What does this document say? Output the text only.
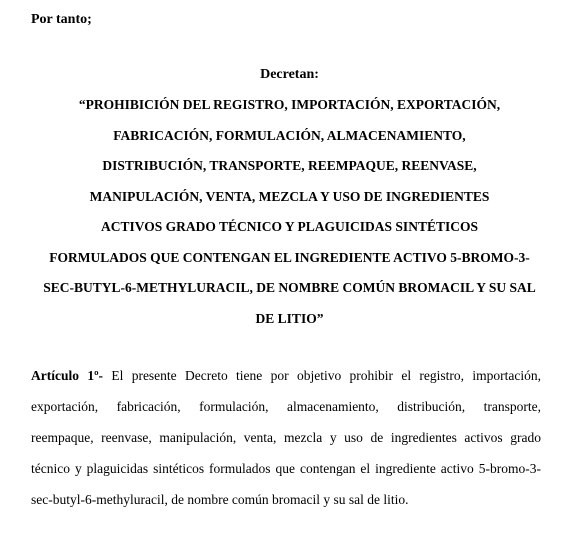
Por tanto;

Decretan:

“PROHIBICIÓN DEL REGISTRO, IMPORTACIÓN, EXPORTACIÓN,
FABRICACIÓN, FORMULACIÓN, ALMACENAMIENTO,
DISTRIBUCIÓN, TRANSPORTE, REEMPAQUE, REENVASE,
MANIPULACIÓN, VENTA, MEZCLA Y USO DE INGREDIENTES
ACTIVOS GRADO TÉCNICO Y PLAGUICIDAS SINTÉTICOS
FORMULADOS QUE CONTENGAN EL INGREDIENTE ACTIVO 5-BROMO-3-
SEC-BUTYL-6-METHYLURACIL, DE NOMBRE COMÚN BROMACIL Y SU SAL
DE LITIO”
Artículo 1º- El presente Decreto tiene por objetivo prohibir el registro, importación,
exportación, fabricación, formulación, almacenamiento, distribución, transporte,
reempaque, reenvase, manipulación, venta, mezcla y uso de ingredientes activos grado
técnico y plaguicidas sintéticos formulados que contengan el ingrediente activo 5-bromo-3-
sec-butyl-6-methyluracil, de nombre común bromacil y su sal de litio.
